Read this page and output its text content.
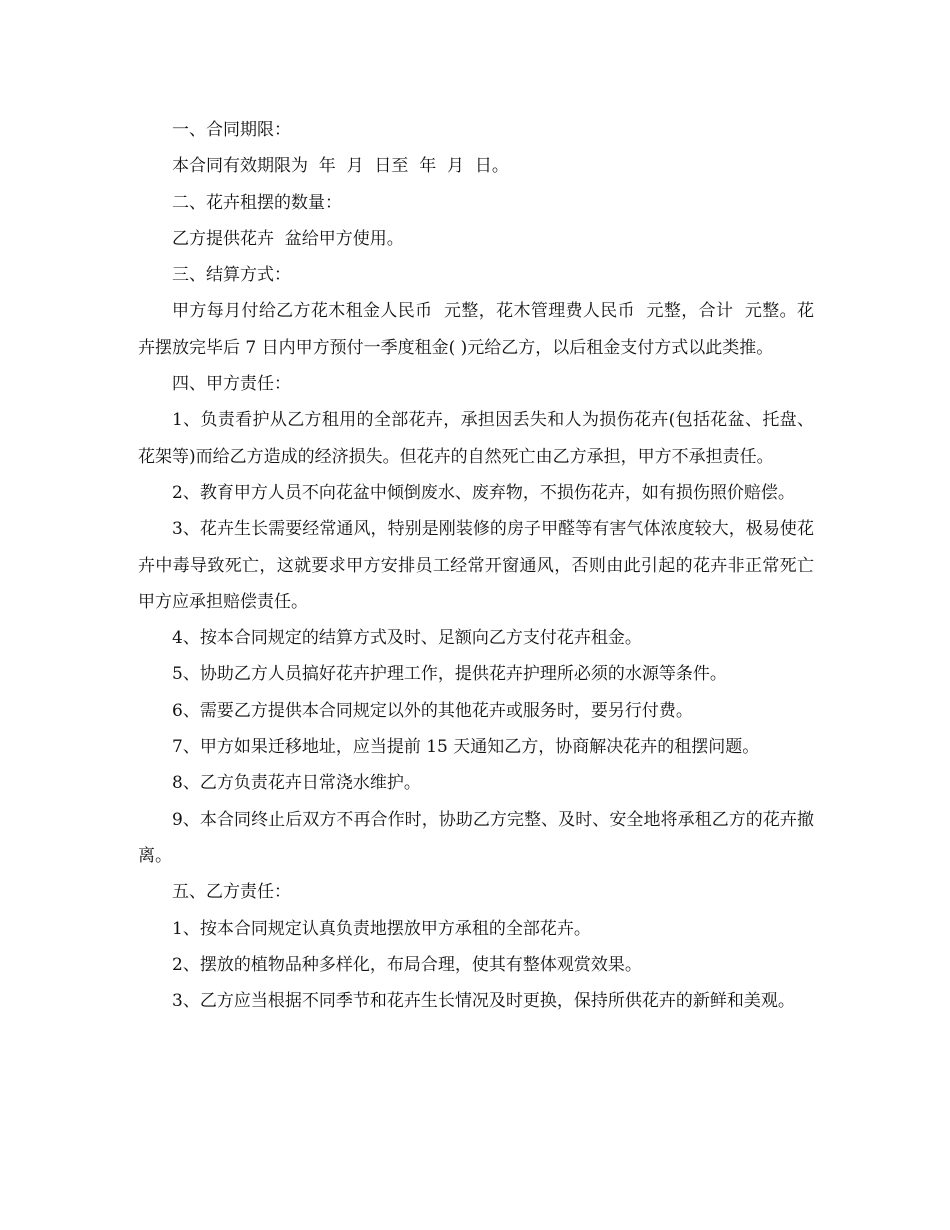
一、合同期限：

本合同有效期限为  年  月  日至  年  月  日。

二、花卉租摆的数量：

乙方提供花卉  盆给甲方使用。

三、结算方式：

甲方每月付给乙方花木租金人民币  元整，花木管理费人民币  元整，合计  元整。花卉摆放完毕后 7 日内甲方预付一季度租金( )元给乙方，以后租金支付方式以此类推。

四、甲方责任：

1、负责看护从乙方租用的全部花卉，承担因丢失和人为损伤花卉(包括花盆、托盘、花架等)而给乙方造成的经济损失。但花卉的自然死亡由乙方承担，甲方不承担责任。

2、教育甲方人员不向花盆中倾倒废水、废弃物，不损伤花卉，如有损伤照价赔偿。

3、花卉生长需要经常通风，特别是刚装修的房子甲醛等有害气体浓度较大，极易使花卉中毒导致死亡，这就要求甲方安排员工经常开窗通风，否则由此引起的花卉非正常死亡甲方应承担赔偿责任。

4、按本合同规定的结算方式及时、足额向乙方支付花卉租金。

5、协助乙方人员搞好花卉护理工作，提供花卉护理所必须的水源等条件。

6、需要乙方提供本合同规定以外的其他花卉或服务时，要另行付费。

7、甲方如果迁移地址，应当提前 15 天通知乙方，协商解决花卉的租摆问题。

8、乙方负责花卉日常浇水维护。

9、本合同终止后双方不再合作时，协助乙方完整、及时、安全地将承租乙方的花卉撤离。

五、乙方责任：

1、按本合同规定认真负责地摆放甲方承租的全部花卉。

2、摆放的植物品种多样化，布局合理，使其有整体观赏效果。

3、乙方应当根据不同季节和花卉生长情况及时更换，保持所供花卉的新鲜和美观。
